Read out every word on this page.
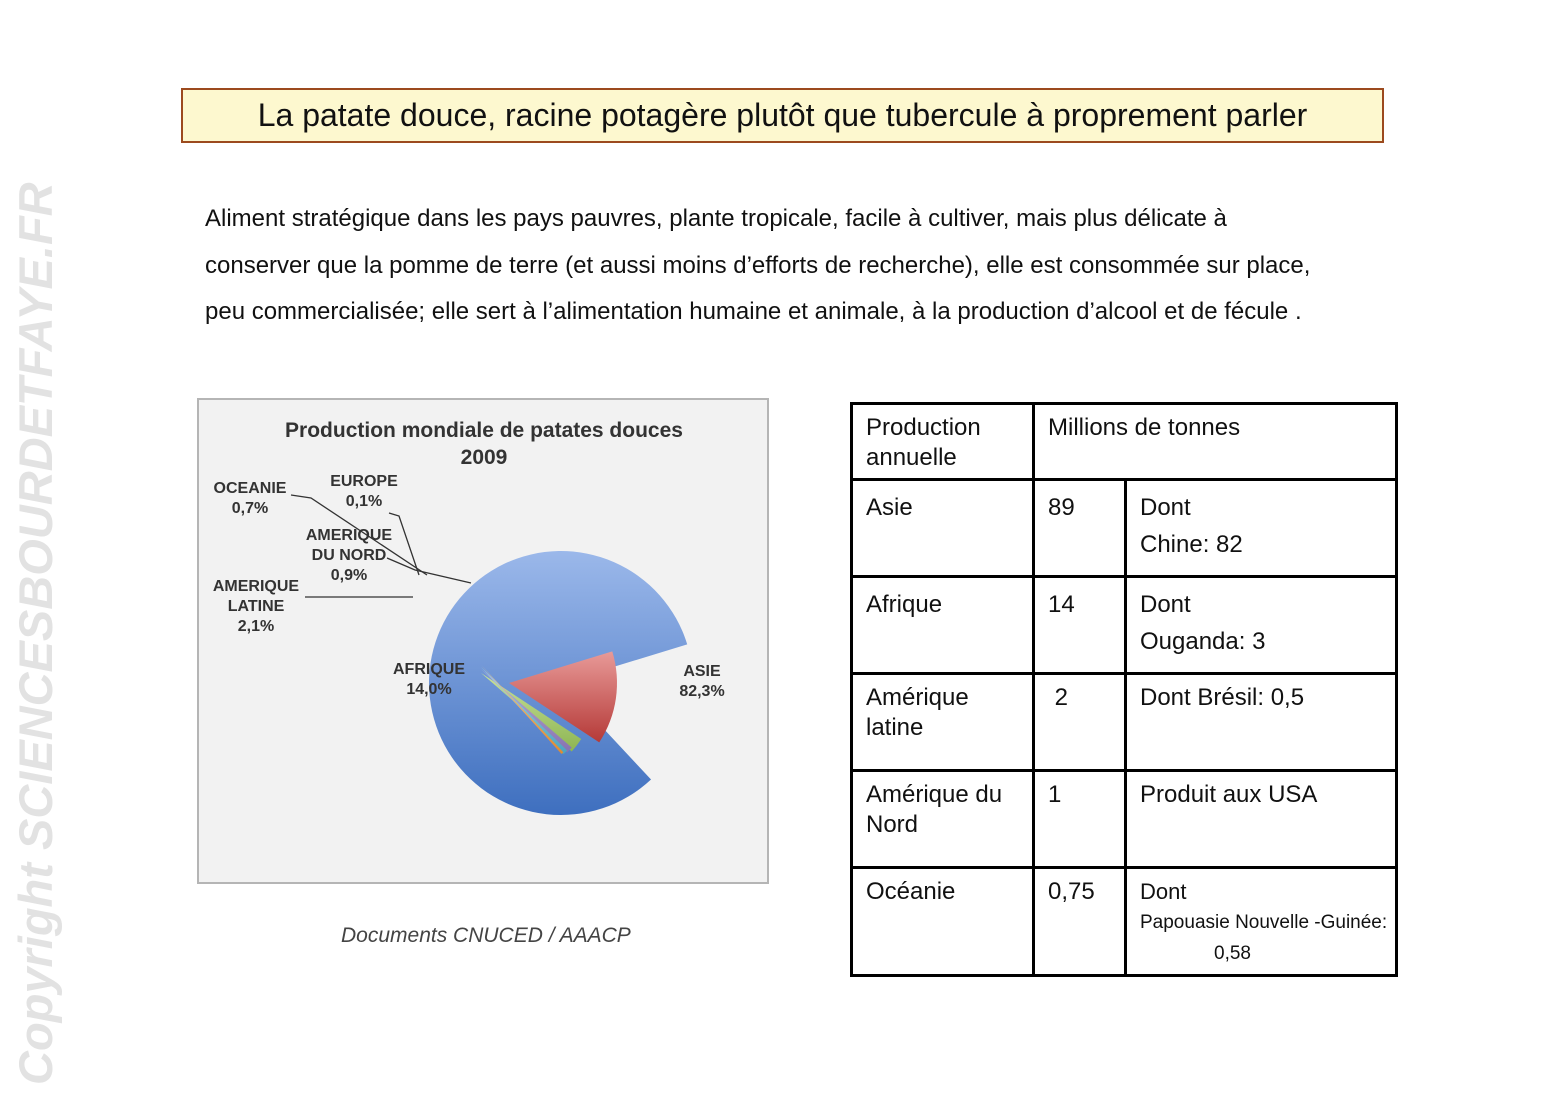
Copyright SCIENCESBOURDETFAYE.FR
La patate douce, racine potagère plutôt que tubercule à proprement parler
Aliment stratégique dans les pays pauvres, plante tropicale, facile à cultiver, mais plus délicate à
conserver que la pomme de terre (et aussi moins d’efforts de recherche), elle est consommée sur place,
peu commercialisée; elle sert à l’alimentation humaine et animale, à la production d’alcool et de fécule .
Production mondiale de patates douces
2009
ASIE
82,3%
AFRIQUE
14,0%
AMERIQUE
LATINE
2,1%
AMERIQUE
DU NORD
0,9%
OCEANIE
0,7%
EUROPE
0,1%
Documents CNUCED / AAACP
Production
annuelle	Millions de tonnes	

Asie	89	Dont
Chine: 82

Afrique	14	Dont
Ouganda: 3

Amérique
latine	2	Dont Brésil: 0,5

Amérique du
Nord	1	Produit aux USA

Océanie	0,75	Dont
Papouasie Nouvelle -Guinée:
0,58
